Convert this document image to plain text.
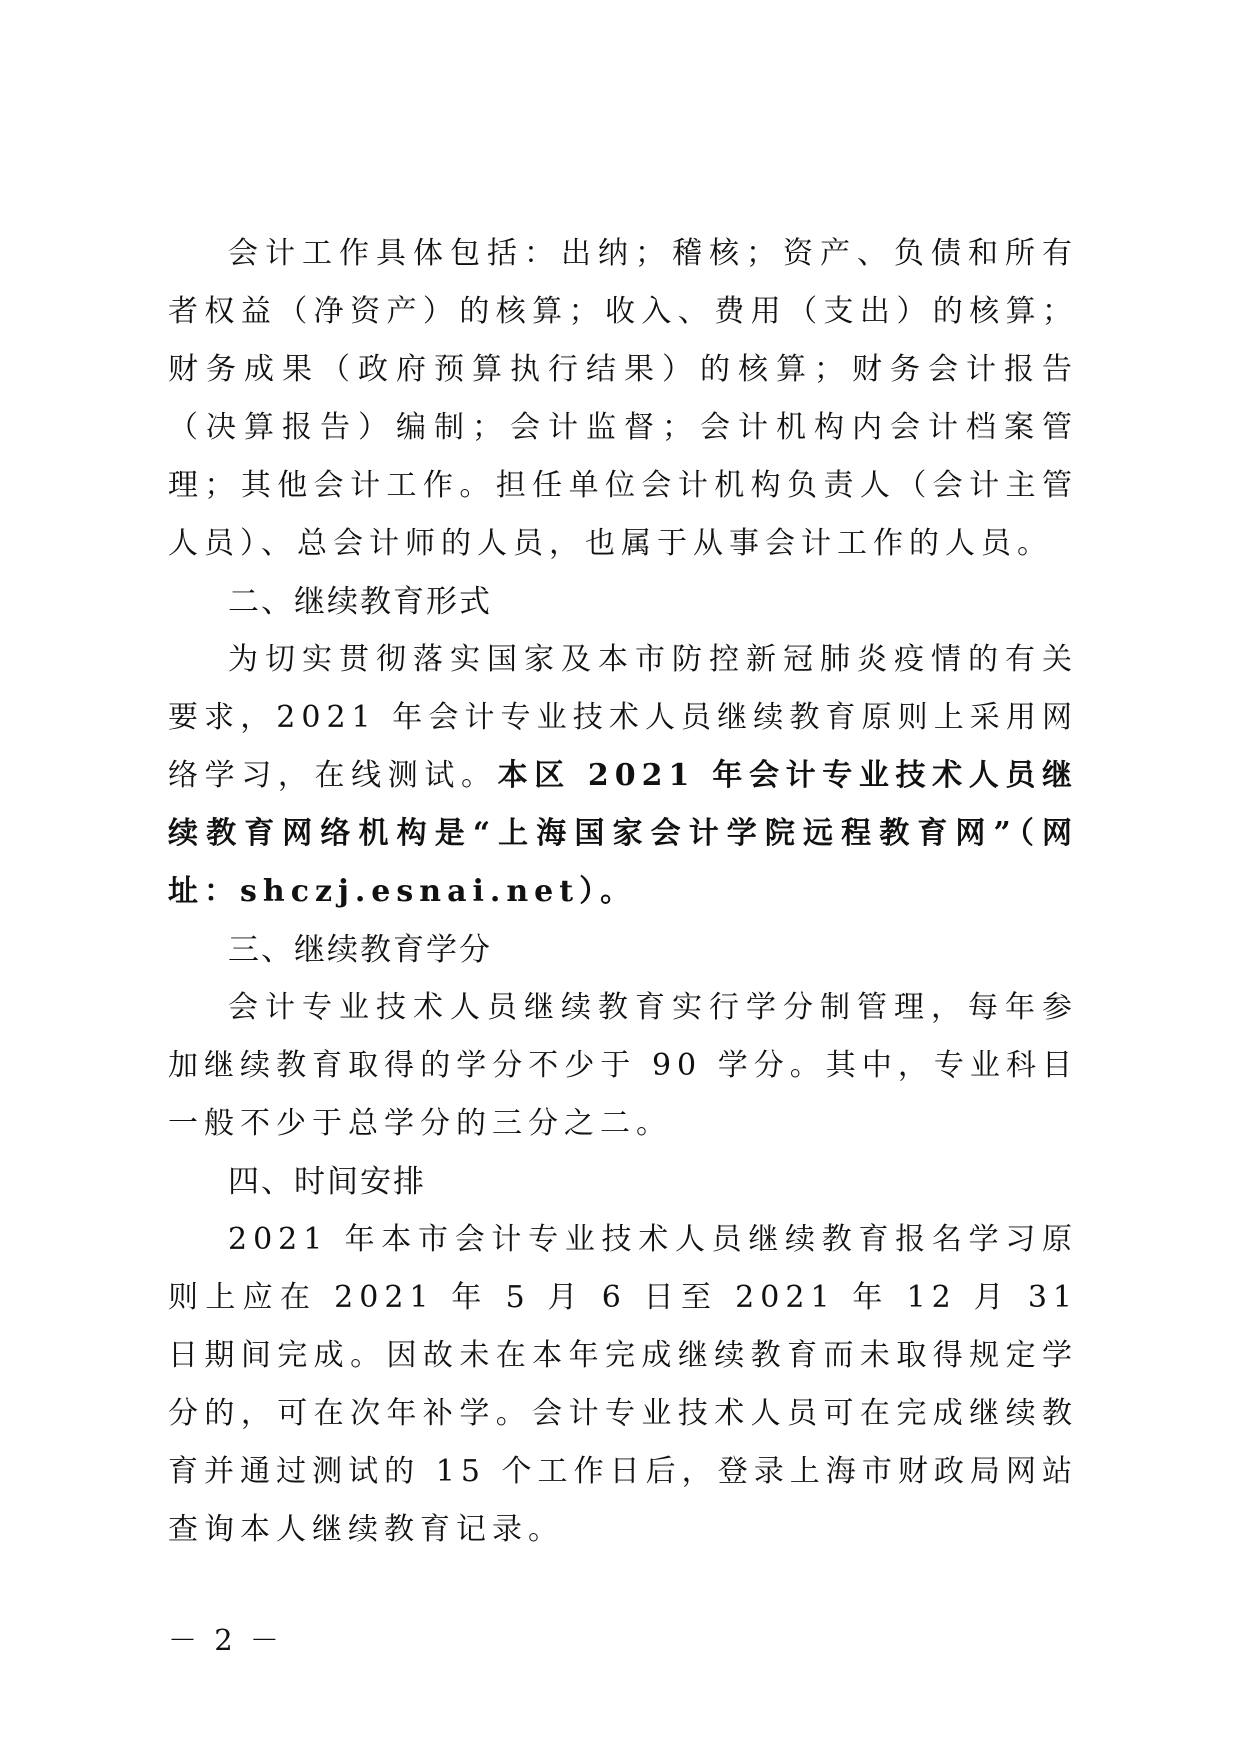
会计工作具体包括：出纳；稽核；资产、负债和所有者权益（净资产）的核算；收入、费用（支出）的核算；财务成果（政府预算执行结果）的核算；财务会计报告（决算报告）编制；会计监督；会计机构内会计档案管理；其他会计工作。担任单位会计机构负责人（会计主管人员）、总会计师的人员，也属于从事会计工作的人员。

二、继续教育形式

为切实贯彻落实国家及本市防控新冠肺炎疫情的有关要求，2021 年会计专业技术人员继续教育原则上采用网络学习，在线测试。本区 2021 年会计专业技术人员继续教育网络机构是“上海国家会计学院远程教育网”（网址：shczj.esnai.net）。

三、继续教育学分

会计专业技术人员继续教育实行学分制管理，每年参加继续教育取得的学分不少于 90 学分。其中，专业科目一般不少于总学分的三分之二。

四、时间安排

2021 年本市会计专业技术人员继续教育报名学习原则上应在 2021 年 5 月 6 日至 2021 年 12 月 31 日期间完成。因故未在本年完成继续教育而未取得规定学分的，可在次年补学。会计专业技术人员可在完成继续教育并通过测试的 15 个工作日后，登录上海市财政局网站查询本人继续教育记录。

－ 2 －
